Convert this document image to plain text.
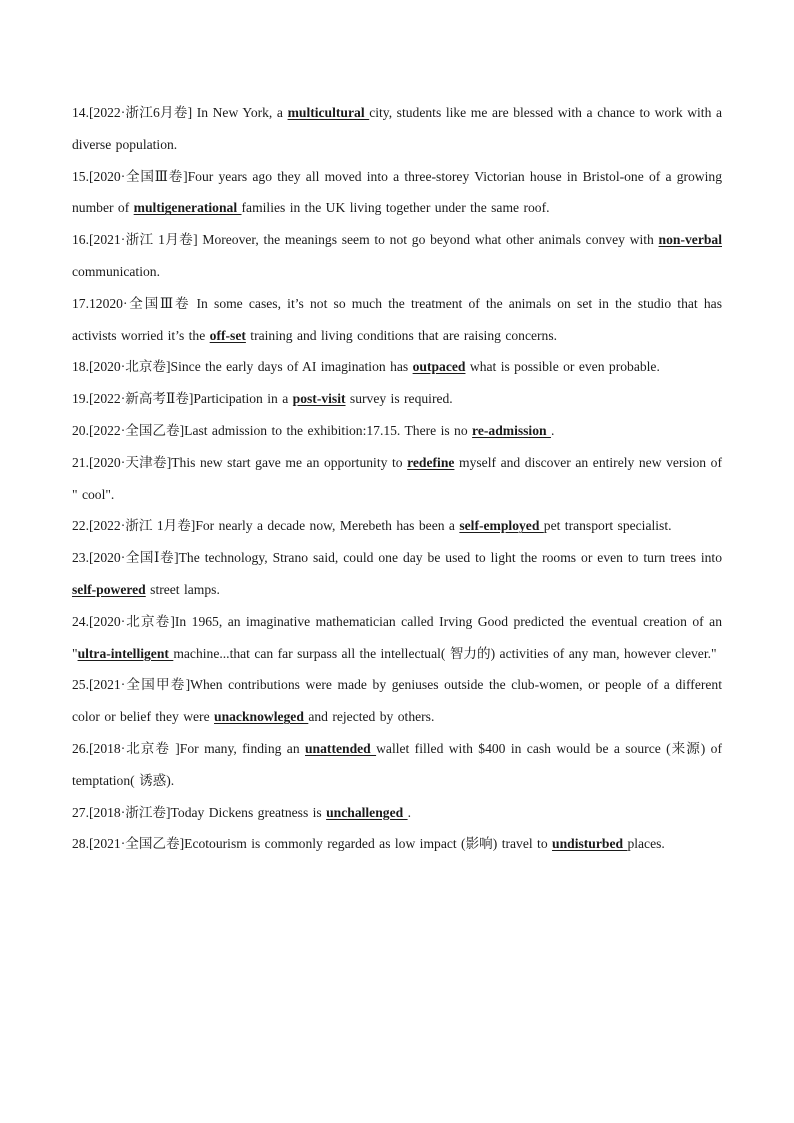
14.[2022·浙江6月卷] In New York, a multicultural city, students like me are blessed with a chance to work with a diverse population.

15.[2020·全国Ⅲ卷]Four years ago they all moved into a three-storey Victorian house in Bristol-one of a growing number of multigenerational families in the UK living together under the same roof.

16.[2021·浙江 1月卷] Moreover, the meanings seem to not go beyond what other animals convey with non-verbal communication.

17.12020·全国Ⅲ卷 In some cases, it’s not so much the treatment of the animals on set in the studio that has activists worried it’s the off-set training and living conditions that are raising concerns.

18.[2020·北京卷]Since the early days of AI imagination has outpaced what is possible or even probable.

19.[2022·新高考Ⅱ卷]Participation in a post-visit survey is required.

20.[2022·全国乙卷]Last admission to the exhibition:17.15. There is no re-admission .

21.[2020·天津卷]This new start gave me an opportunity to redefine myself and discover an entirely new version of " cool".

22.[2022·浙江 1月卷]For nearly a decade now, Merebeth has been a self-employed pet transport specialist.

23.[2020·全国Ⅰ卷]The technology, Strano said, could one day be used to light the rooms or even to turn trees into self-powered street lamps.

24.[2020·北京卷]In 1965, an imaginative mathematician called Irving Good predicted the eventual creation of an "ultra-intelligent machine...that can far surpass all the intellectual( 智力的) activities of any man, however clever."

25.[2021·全国甲卷]When contributions were made by geniuses outside the club-women, or people of a different color or belief they were unacknowleged and rejected by others.

26.[2018·北京卷 ]For many, finding an unattended wallet filled with $400 in cash would be a source (来源) of temptation( 诱惑).

27.[2018·浙江卷]Today Dickens greatness is unchallenged .

28.[2021·全国乙卷]Ecotourism is commonly regarded as low impact (影响) travel to undisturbed places.
